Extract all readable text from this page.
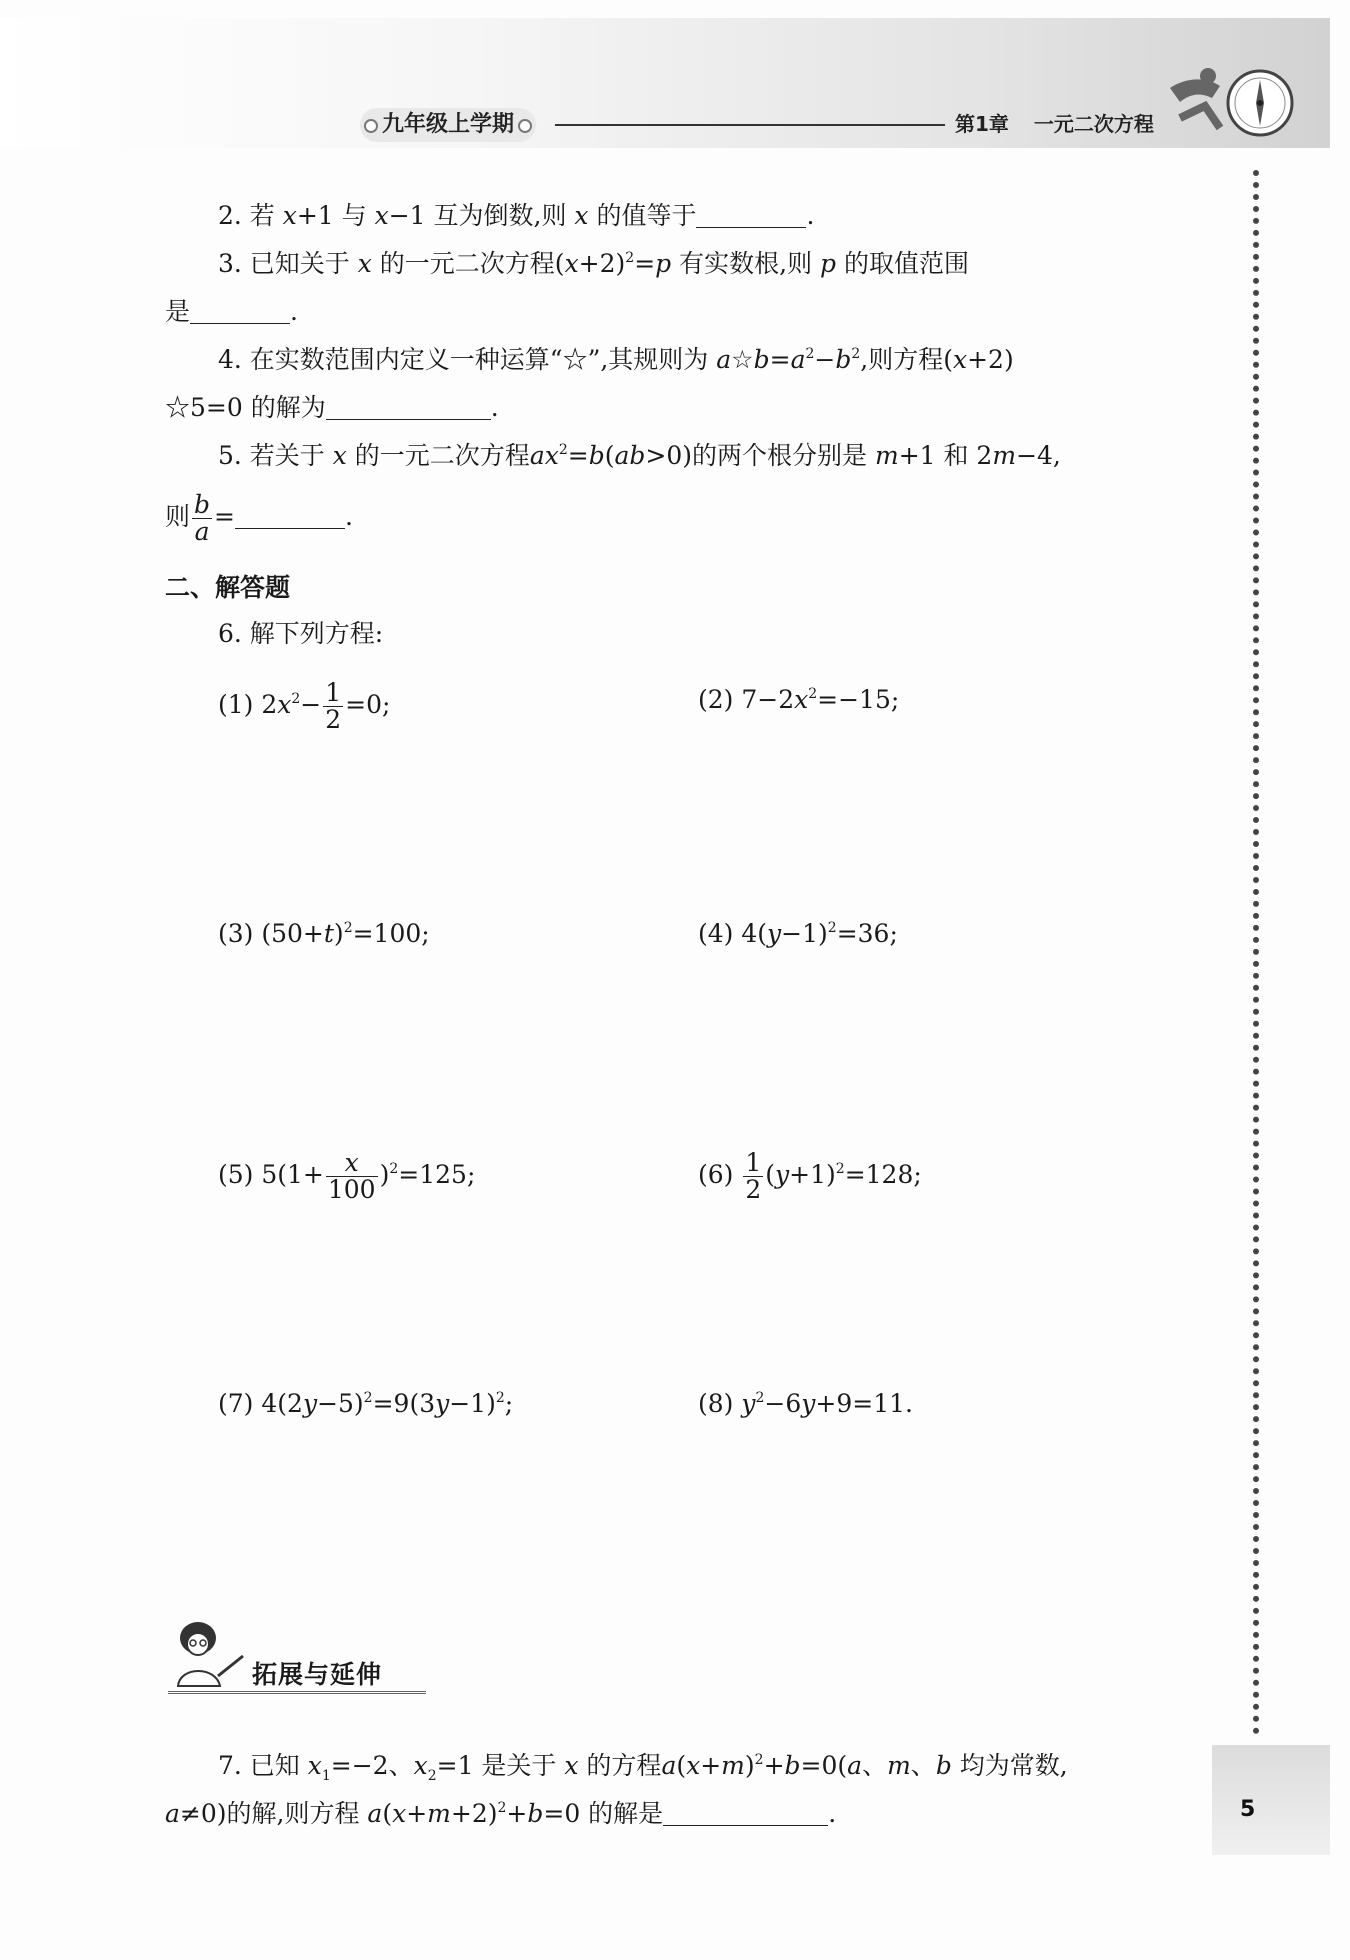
九年级上学期	第1章 一元二次方程
2. 若 x+1 与 x−1 互为倒数,则 x 的值等于	.
3. 已知关于 x 的一元二次方程$(x+2)^2=p$ 有实数根,则 p 的取值范围
是	.
4. 在实数范围内定义一种运算“☆”,其规则为 $a☆b=a^2-b^2$,则方程(x+2)
☆5=0 的解为	.
5. 若关于 x 的一元二次方程$ax^2=b(ab>0)$的两个根分别是 m+1 和 2m−4,
则 $\frac{b}{a}$ =	.
二、解答题
6. 解下列方程:
(1) $2x^2- \frac{1}{2} =0$;	(2) $7-2x^2=-15$;
(3) $(50+t)^2=100$;	(4) $4(y-1)^2=36$;
(5) $5(1+ \frac{x}{100} )^2=125$;	$(6) \frac{1}{2} (y+1)^2=128$;
(7) $4(2y-5)^2=9(3y-1)^2$;	(8) $y^2-6y+9=11$.
拓展与延伸
7. 已知 $x_1=-2$、$x_2=1$ 是关于 x 的方程$a(x+m)^2+b=0(a$、m、b 均为常数,
a≠0)的解,则方程 $a(x+m+2)^2+b=0$ 的解是	.	5
